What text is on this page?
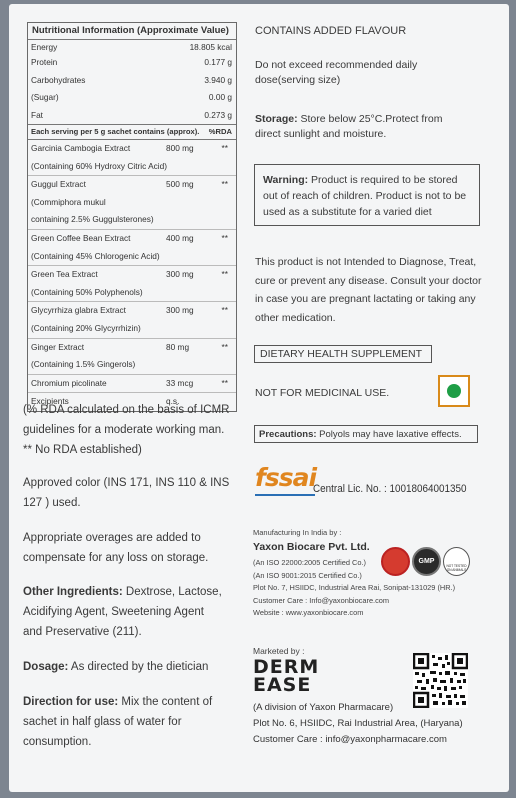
Nutritional Information (Approximate Value)
Energy	18.805 kcal
Protein	0.177 g
Carbohydrates	3.940 g
(Sugar)	0.00 g
Fat	0.273 g
Each serving per 5 g sachet contains (approx). %RDA
Garcinia Cambogia Extract	800 mg	**
(Containing 60% Hydroxy Citric Acid)
Guggul Extract	500 mg	**
(Commiphora mukul
containing 2.5% Guggulsterones)
Green Coffee Bean Extract	400 mg	**
(Containing 45% Chlorogenic Acid)
Green Tea Extract	300 mg	**
(Containing 50% Polyphenols)
Glycyrrhiza glabra Extract	300 mg	**
(Containing 20% Glycyrrhizin)
Ginger Extract	80 mg	**
(Containing 1.5% Gingerols)
Chromium picolinate	33 mcg	**
Excipients	q.s.
(% RDA calculated on the basis of ICMR
guidelines for a moderate working man.
** No RDA established)
Approved color (INS 171, INS 110 & INS
127 ) used.
Appropriate overages are added to
compensate for any loss on storage.
Other Ingredients: Dextrose, Lactose,
Acidifying Agent, Sweetening Agent
and Preservative (211).
Dosage: As directed by the dietician
Direction for use: Mix the content of
sachet in half glass of water for
consumption.
CONTAINS ADDED FLAVOUR
Do not exceed recommended daily
dose(serving size)
Storage: Store below 25°C.Protect from
direct sunlight and moisture.
Warning: Product is required to be stored
out of reach of children. Product is not to be
used as a substitute for a varied diet
This product is not Intended to Diagnose, Treat,
cure or prevent any disease. Consult your doctor
in case you are pregnant lactating or taking any
other medication.
DIETARY HEALTH SUPPLEMENT
NOT FOR MEDICINAL USE.
Precautions: Polyols may have laxative effects.
fssai
Central Lic. No. : 10018064001350
Manufacturing In India by :
Yaxon Biocare Pvt. Ltd.
(An ISO 22000:2005 Certified Co.)
(An ISO 9001:2015 Certified Co.)
Plot No. 7, HSIIDC, Industrial Area Rai, Sonipat-131029 (HR.)
Customer Care : Info@yaxonbiocare.com
Website : www.yaxonbiocare.com
GMP
NOT TESTED ON ANIMALS
Marketed by :
DERM
EASE
(A division of Yaxon Pharmacare)
Plot No. 6, HSIIDC, Rai Industrial Area, (Haryana)
Customer Care : info@yaxonpharmacare.com
